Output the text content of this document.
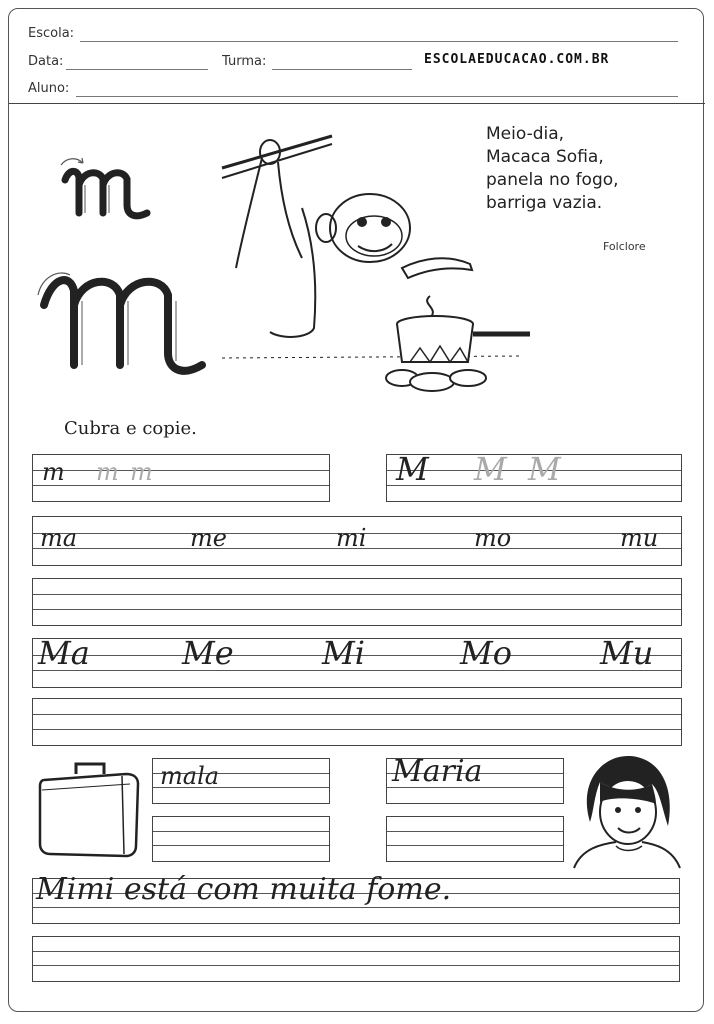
Escola:
Data:	Turma:	ESCOLAEDUCACAO.COM.BR
Aluno:
Meio-dia,
Macaca Sofia,
panela no fogo,
barriga vazia.
Folclore
Cubra e copie.
m m m	M M M
ma	me	mi	mo	mu
Ma	Me	Mi	Mo	Mu
mala	Maria
Mimi está com muita fome.
